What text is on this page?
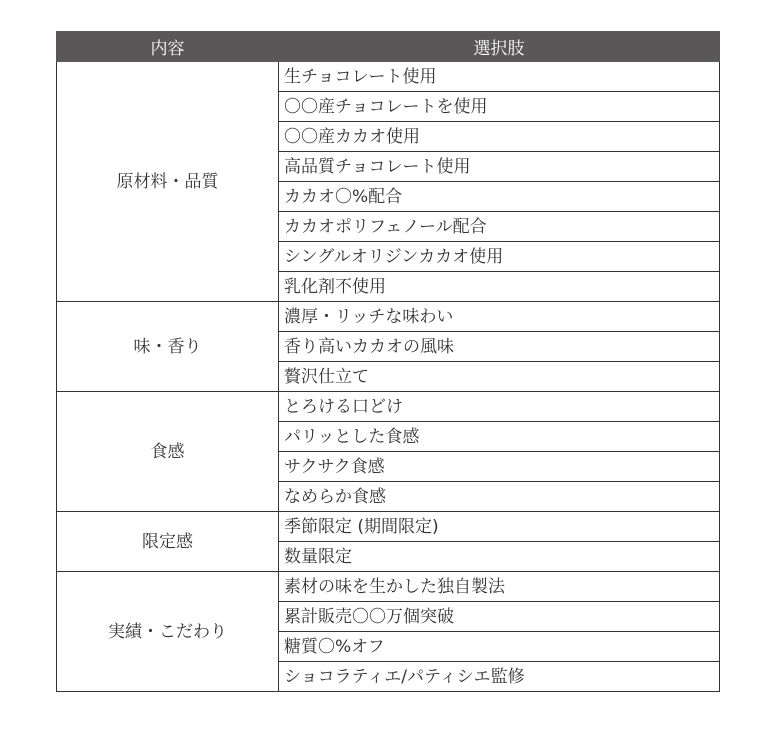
内容	選択肢
原材料・品質	生チョコレート使用
	〇〇産チョコレートを使用
	〇〇産カカオ使用
	高品質チョコレート使用
	カカオ〇%配合
	カカオポリフェノール配合
	シングルオリジンカカオ使用
	乳化剤不使用
味・香り	濃厚・リッチな味わい
	香り高いカカオの風味
	贅沢仕立て
食感	とろける口どけ
	パリッとした食感
	サクサク食感
	なめらか食感
限定感	季節限定 (期間限定)
	数量限定
実績・こだわり	素材の味を生かした独自製法
	累計販売〇〇万個突破
	糖質〇%オフ
	ショコラティエ/パティシエ監修
